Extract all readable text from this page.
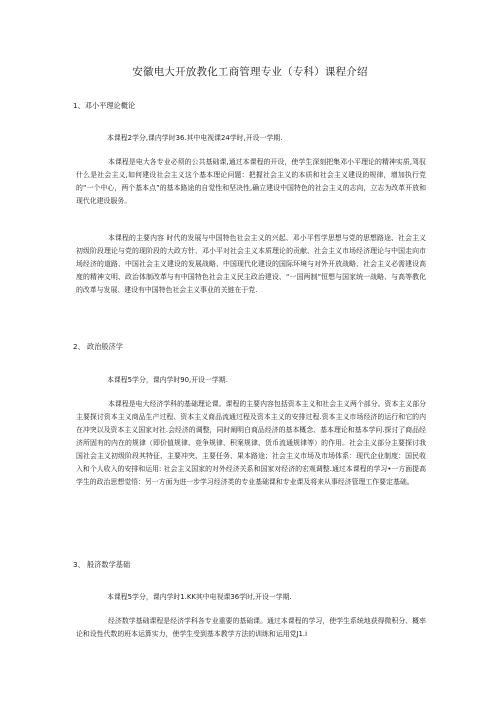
安徽电大开放教化工商管理专业（专科）课程介绍
1、邓小平理论概论
本课程2学分,课内学时36.其中电视课24学时,开设一学期.

本课程是电大各专业必须的公共基础课,通过本课程的开设，使学生深刻把集邓小平理论的精神实质,驾驭什么是社会主义,如何建设社会主义这个基本理论问题：把握社会主义的本质和社会主义建设的规律，增加执行党的“一个中心，两个基本点”的基本路途的自觉性和坚决性,确立建设中国特色的社会主义的志向，立志为改革开放和现代化建设服务。

本课程的主要内容 时代的发展与中国特色社会主义的兴起、邓小平哲学思想与党的思想路途、社会主义初级阶段理论与党的现阶段的大政方针、邓小平对社会主义本质理论的贡献、社会主义市场经济理论与中国走向市场经济的道路、中国社会主义建设的发展战略、中国现代化建设的国际环境与对外开放战略、社会主义必需建设高度的精神文明、政治体制改革与有中国特色社会主义民主政治建设、“一国两制”恒想与国家统一战略、与高等教化的改革与发展、建设有中国特色社会主义事业的关链在于党.

2、 政治般济学
本课程5学分，课内学时90,开设一学期.

本课程是电大经济学科的基础理论课。课程的主要内容包括资本主义和社会主义两个部分。资本主义部分主要探讨资本主义商品生产过程、资本主义商品流通过程及资本主义的安排过程.资本主义市场经济的运行和它的内在冲突以及资本主义国家对社.会经济的调整，同时阐明白商品经济的基本概念、基本理论和基本学问.探讨了商品经济所固有的内在的规律（即价值规律、竞争规律、积案规律、货币流通规律等）的作用。社会主义部分主要探讨我国社会主义初级阶段其特征、主要冲突、主要任务、果本路途；社会主义市场及市场体系：现代企业制度：国民收入和个人收入的安排和运用: 社会主义国家的对外经济关系和国家对经济的宏观调整.通过本课程的学习•一方面提高学生的政治思想觉悟：另一方面为进一步学习经济类的专业基础课和专业课及将来从事经济管理工作要定基础。

3、 般济数学基础
本课程5学分，课内学时1.KK其中电视课36学时,开设一学期.

经济数学基础课程是经济学科各专业重要的基础课。通过本课程的学习，使学生系统地获得微积分、概率论和设性代数的班本运算实力，使学生受到基本教学方法的训练和运用党J1.i
